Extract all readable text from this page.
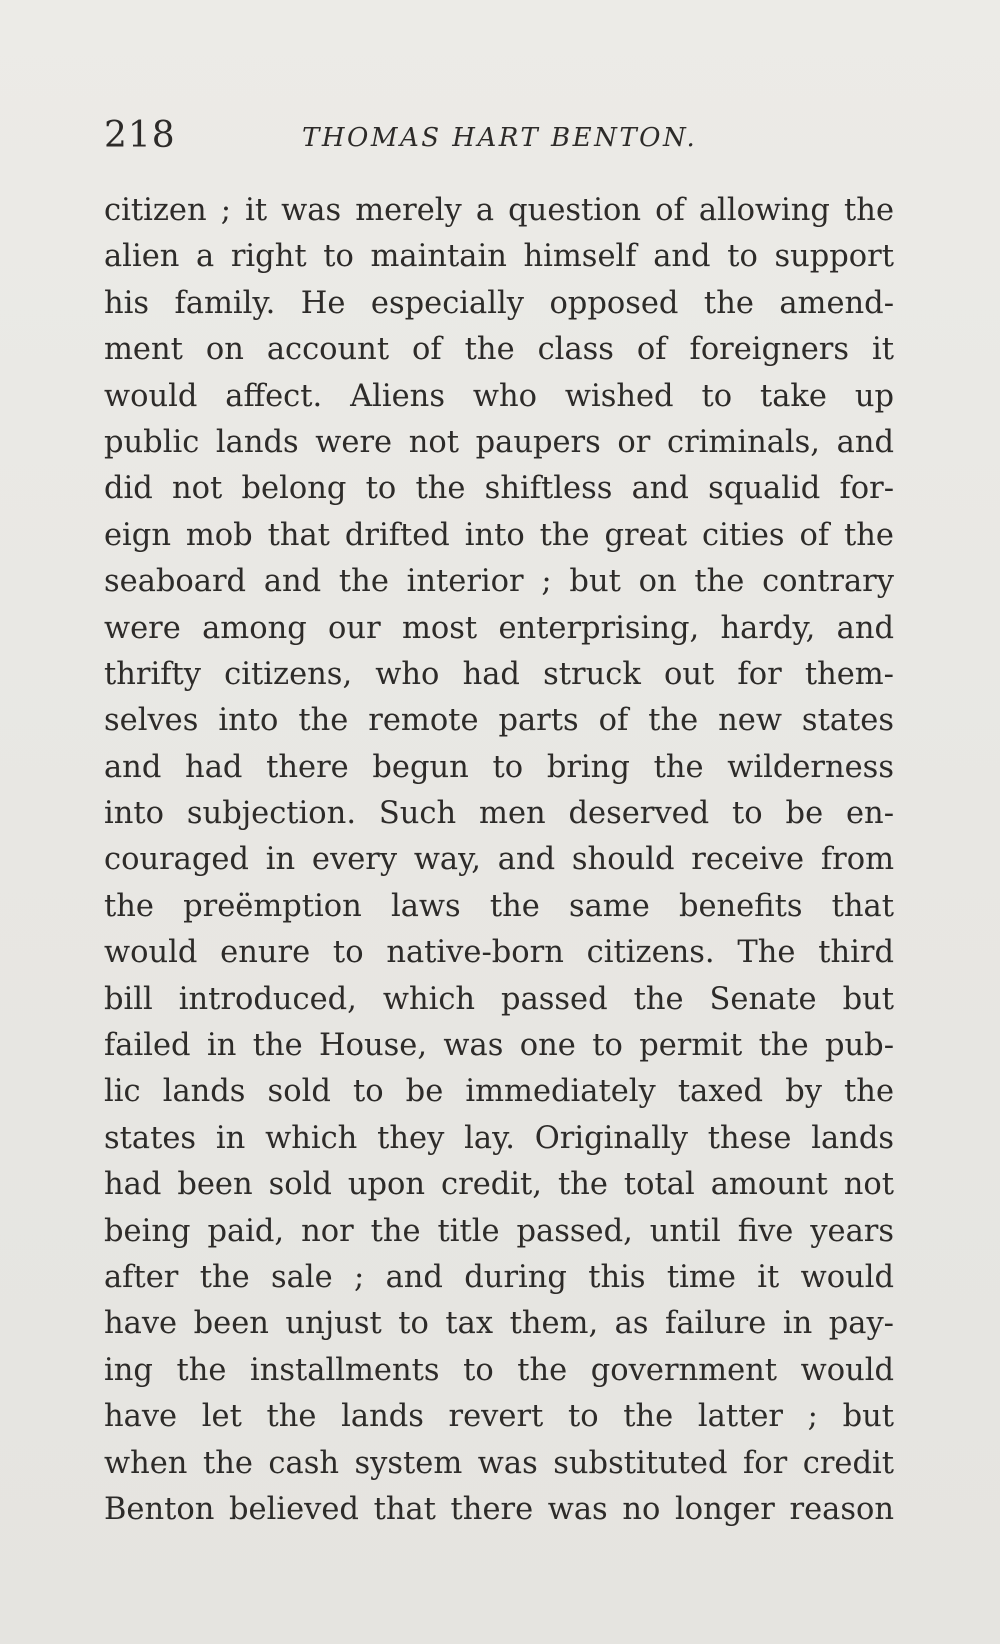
218	THOMAS HART BENTON.
citizen ; it was merely a question of allowing the
alien a right to maintain himself and to support
his family. He especially opposed the amend-
ment on account of the class of foreigners it
would affect. Aliens who wished to take up
public lands were not paupers or criminals, and
did not belong to the shiftless and squalid for-
eign mob that drifted into the great cities of the
seaboard and the interior ; but on the contrary
were among our most enterprising, hardy, and
thrifty citizens, who had struck out for them-
selves into the remote parts of the new states
and had there begun to bring the wilderness
into subjection. Such men deserved to be en-
couraged in every way, and should receive from
the preëmption laws the same benefits that
would enure to native-born citizens. The third
bill introduced, which passed the Senate but
failed in the House, was one to permit the pub-
lic lands sold to be immediately taxed by the
states in which they lay. Originally these lands
had been sold upon credit, the total amount not
being paid, nor the title passed, until five years
after the sale ; and during this time it would
have been unjust to tax them, as failure in pay-
ing the installments to the government would
have let the lands revert to the latter ; but
when the cash system was substituted for credit
Benton believed that there was no longer reason
